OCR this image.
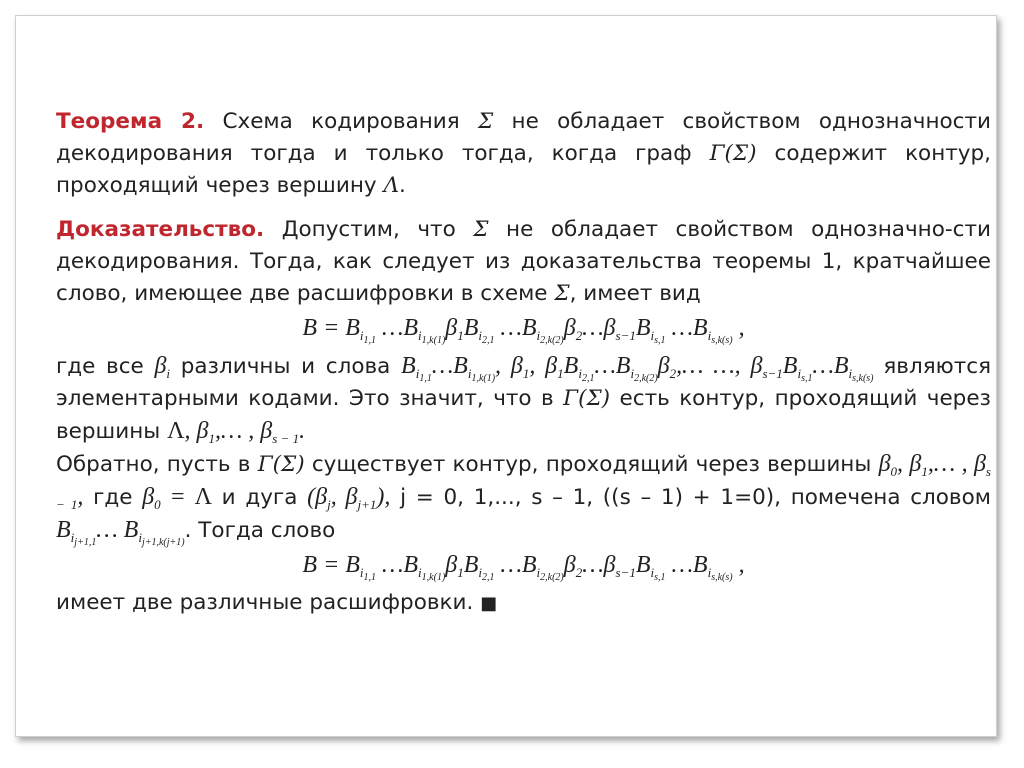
Теорема 2. Схема кодирования Σ не обладает свойством однозначности декодирования тогда и только тогда, когда граф Γ(Σ) содержит контур, проходящий через вершину Λ.

Доказательство. Допустим, что Σ не обладает свойством однозначно-сти декодирования. Тогда, как следует из доказательства теоремы 1, кратчайшее слово, имеющее две расшифровки в схеме Σ, имеет вид

$B = B_{i_{1,1}}$ $\dots B_{i_{1,k(1)}}\beta_1B_{i_{2,1}}$ $\dots B_{i_{2,k(2)}}\beta_2\dots\beta_{s-1}B_{i_{s,1}}$ $\dots B_{i_{s,k(s)}}$ ,

где все $\beta_i$ различны и слова $B_{i_{1,1}}\dots B_{i_{1,k(1)}}$, $\beta_1$, $\beta_1B_{i_{2,1}}\dots B_{i_{2,k(2)}}\beta_2,\dots$ …, $\beta_{s-1}B_{i_{s,1}}\dots B_{i_{s,k(s)}}$ являются элементарными кодами. Это значит, что в Γ(Σ) есть контур, проходящий через вершины Λ, $\beta_1,\dots$ , $\beta_{s - 1}$.

Обратно, пусть в Γ(Σ) существует контур, проходящий через вершины $\beta_0$, $\beta_1,\dots$ , $\beta_{s - 1}$, где $\beta_0 = \Lambda$ и дуга ($\beta_j$, $\beta_{j+1}$), j = 0, 1,..., s – 1, ((s – 1) + 1=0), помечена словом $B_{i_{j+1,1}}\dots$ $B_{i_{j+1,k(j+1)}}$. Тогда слово

$B = B_{i_{1,1}}$ $\dots B_{i_{1,k(1)}}\beta_1B_{i_{2,1}}$ $\dots B_{i_{2,k(2)}}\beta_2\dots\beta_{s-1}B_{i_{s,1}}$ $\dots B_{i_{s,k(s)}}$ ,

имеет две различные расшифровки. ■
